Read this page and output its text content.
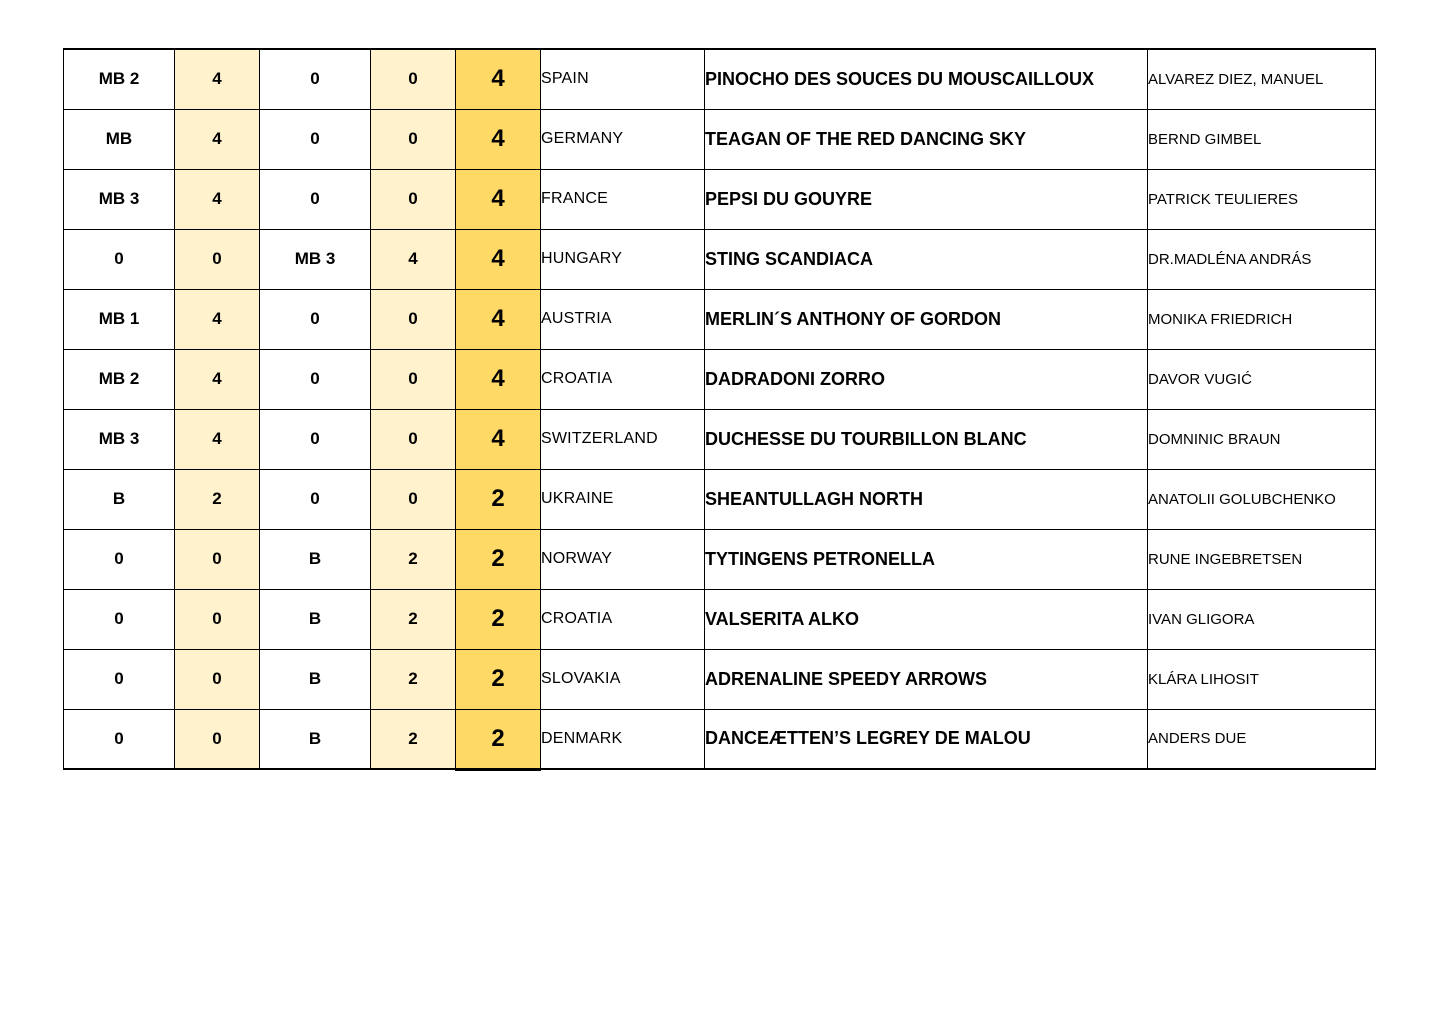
MB 2	4	0	0	4	SPAIN	PINOCHO DES SOUCES DU MOUSCAILLOUX	ALVAREZ DIEZ, MANUEL
MB	4	0	0	4	GERMANY	TEAGAN OF THE RED DANCING SKY	BERND GIMBEL
MB 3	4	0	0	4	FRANCE	PEPSI DU GOUYRE	PATRICK TEULIERES
0	0	MB 3	4	4	HUNGARY	STING SCANDIACA	DR.MADLÉNA ANDRÁS
MB 1	4	0	0	4	AUSTRIA	MERLIN´S ANTHONY OF GORDON	MONIKA FRIEDRICH
MB 2	4	0	0	4	CROATIA	DADRADONI ZORRO	DAVOR VUGIĆ
MB 3	4	0	0	4	SWITZERLAND	DUCHESSE DU TOURBILLON BLANC	DOMNINIC BRAUN
B	2	0	0	2	UKRAINE	SHEANTULLAGH NORTH	ANATOLII GOLUBCHENKO
0	0	B	2	2	NORWAY	TYTINGENS PETRONELLA	RUNE INGEBRETSEN
0	0	B	2	2	CROATIA	VALSERITA ALKO	IVAN GLIGORA
0	0	B	2	2	SLOVAKIA	ADRENALINE SPEEDY ARROWS	KLÁRA LIHOSIT
0	0	B	2	2	DENMARK	DANCEÆTTEN’S LEGREY DE MALOU	ANDERS DUE
